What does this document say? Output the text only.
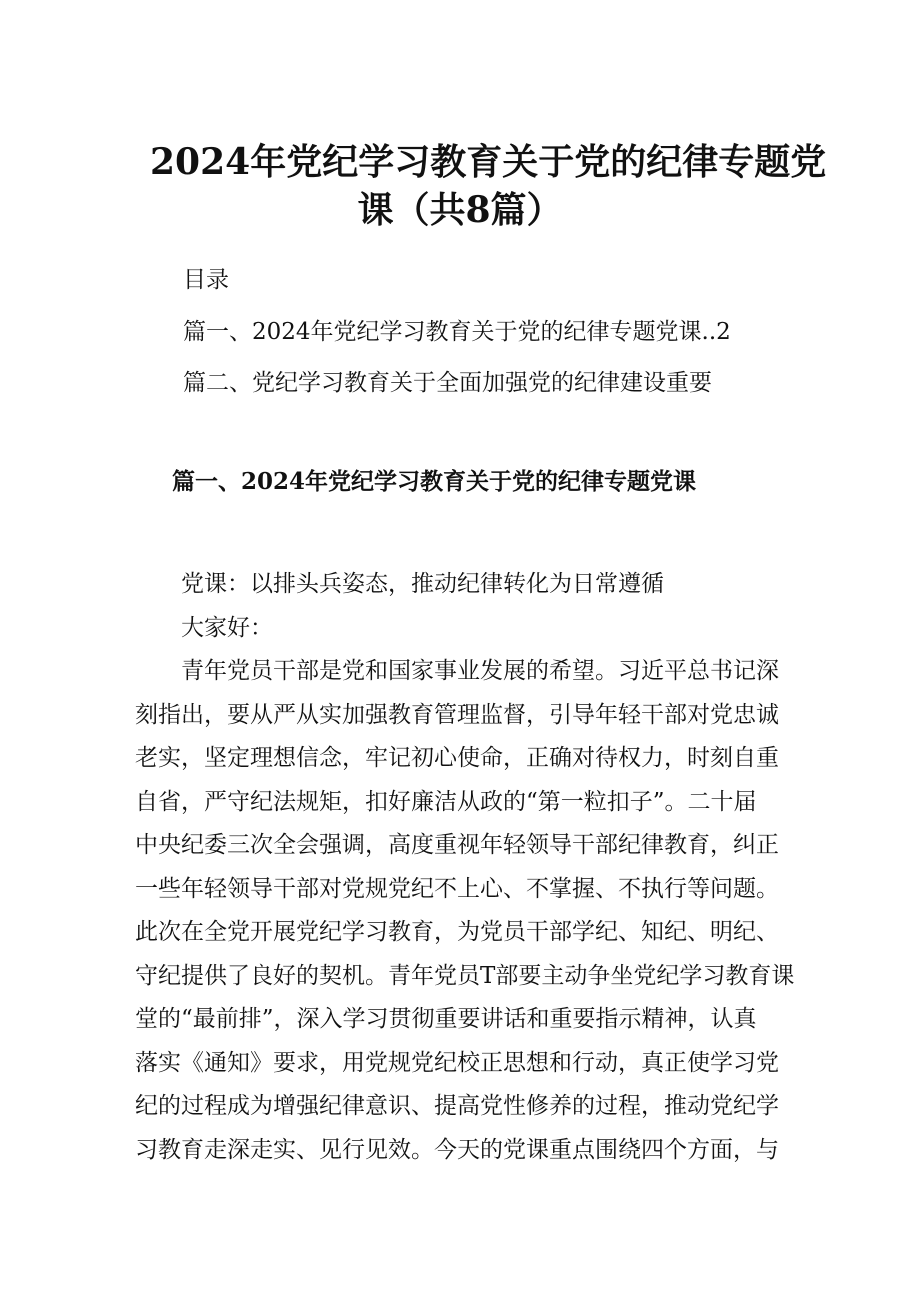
2024年党纪学习教育关于党的纪律专题党
课（共8篇）
目录
篇一、2024年党纪学习教育关于党的纪律专题党课..2
篇二、党纪学习教育关于全面加强党的纪律建设重要
篇一、2024年党纪学习教育关于党的纪律专题党课
党课：以排头兵姿态，推动纪律转化为日常遵循
大家好：
　　青年党员干部是党和国家事业发展的希望。习近平总书记深
刻指出，要从严从实加强教育管理监督，引导年轻干部对党忠诚
老实，坚定理想信念，牢记初心使命，正确对待权力，时刻自重
自省，严守纪法规矩，扣好廉洁从政的“第一粒扣子”。二十届
中央纪委三次全会强调，高度重视年轻领导干部纪律教育，纠正
一些年轻领导干部对党规党纪不上心、不掌握、不执行等问题。
此次在全党开展党纪学习教育，为党员干部学纪、知纪、明纪、
守纪提供了良好的契机。青年党员T部要主动争坐党纪学习教育课
堂的“最前排”，深入学习贯彻重要讲话和重要指示精神，认真
落实《通知》要求，用党规党纪校正思想和行动，真正使学习党
纪的过程成为增强纪律意识、提高党性修养的过程，推动党纪学
习教育走深走实、见行见效。今天的党课重点围绕四个方面，与
